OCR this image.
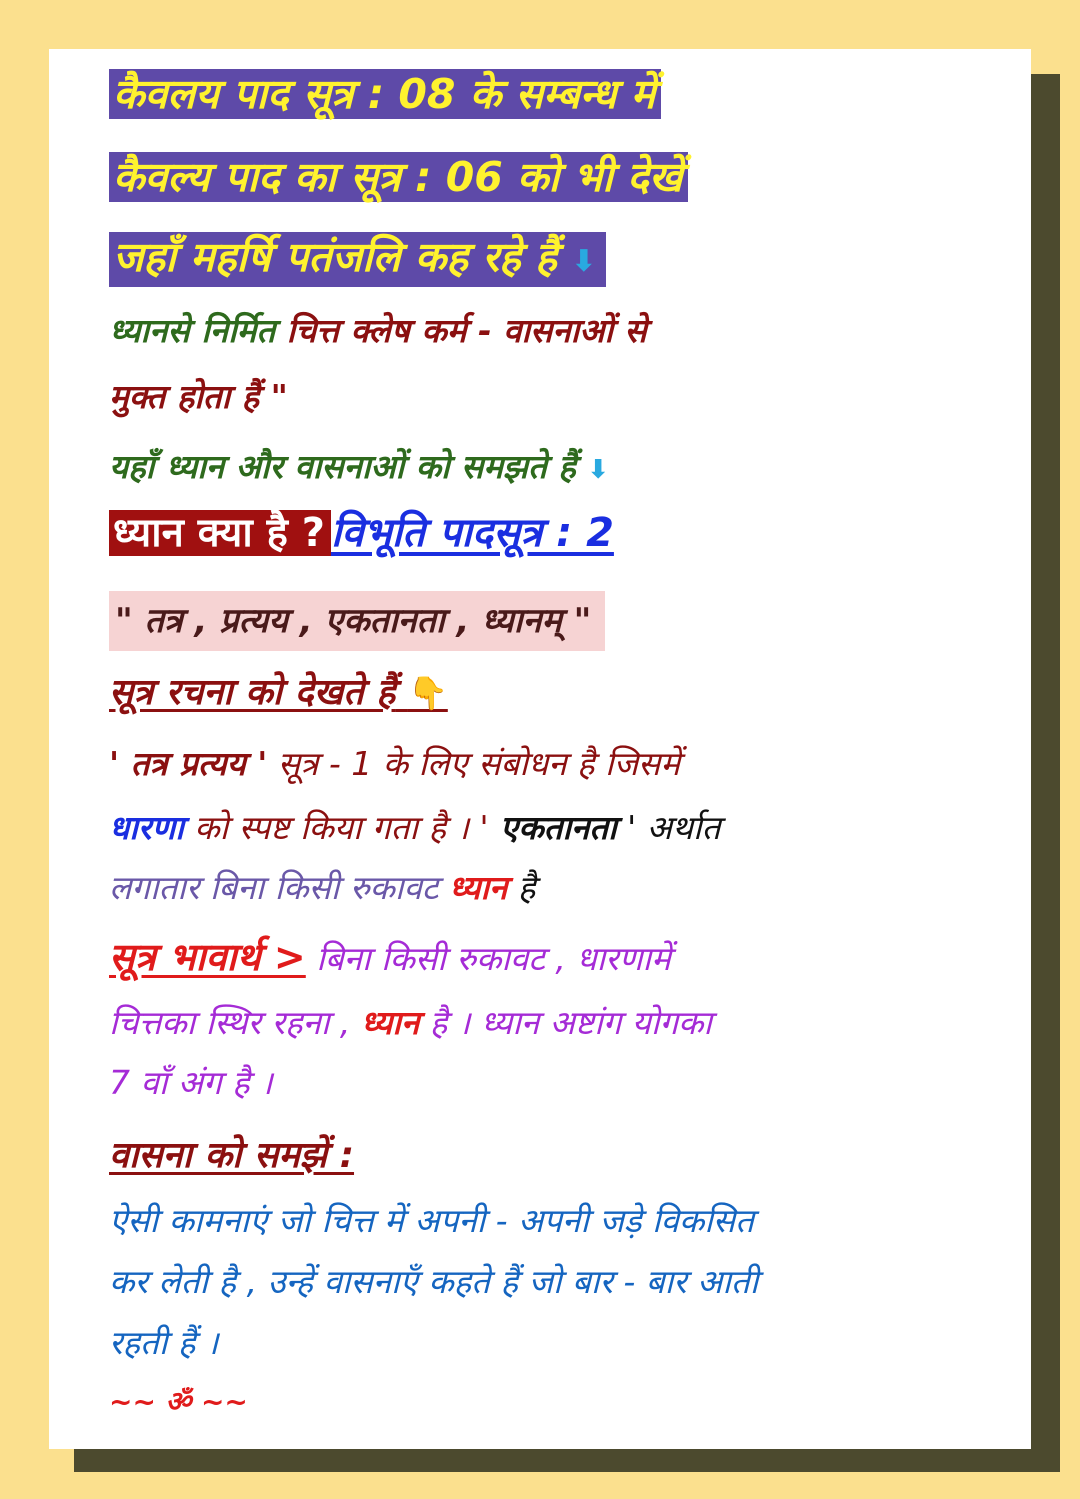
कैवलय पाद सूत्र : 08 के सम्बन्ध में
कैवल्य पाद का सूत्र : 06 को भी देखें
जहाँ महर्षि पतंजलि कह रहे हैं ⬇
ध्यानसे निर्मित चित्त क्लेष कर्म - वासनाओं से
मुक्त होता हैं "
यहाँ ध्यान और वासनाओं को समझते हैं ⬇
ध्यान क्या है ? विभूति पादसूत्र : 2
" तत्र , प्रत्यय , एकतानता , ध्यानम् "
सूत्र रचना को देखते हैं 👇
' तत्र प्रत्यय ' सूत्र - 1 के लिए संबोधन है जिसमें
धारणा को स्पष्ट किया गता है । ' एकतानता ' अर्थात
लगातार बिना किसी रुकावट ध्यान है
सूत्र भावार्थ > बिना किसी रुकावट , धारणामें
चित्तका स्थिर रहना , ध्यान है । ध्यान अष्टांग योगका
7 वाँ अंग है ।
वासना को समझें :
ऐसी कामनाएं जो चित्त में अपनी - अपनी जड़े विकसित
कर लेती है , उन्हें वासनाएँ कहते हैं जो बार - बार आती
रहती हैं ।
~~ ॐ ~~
